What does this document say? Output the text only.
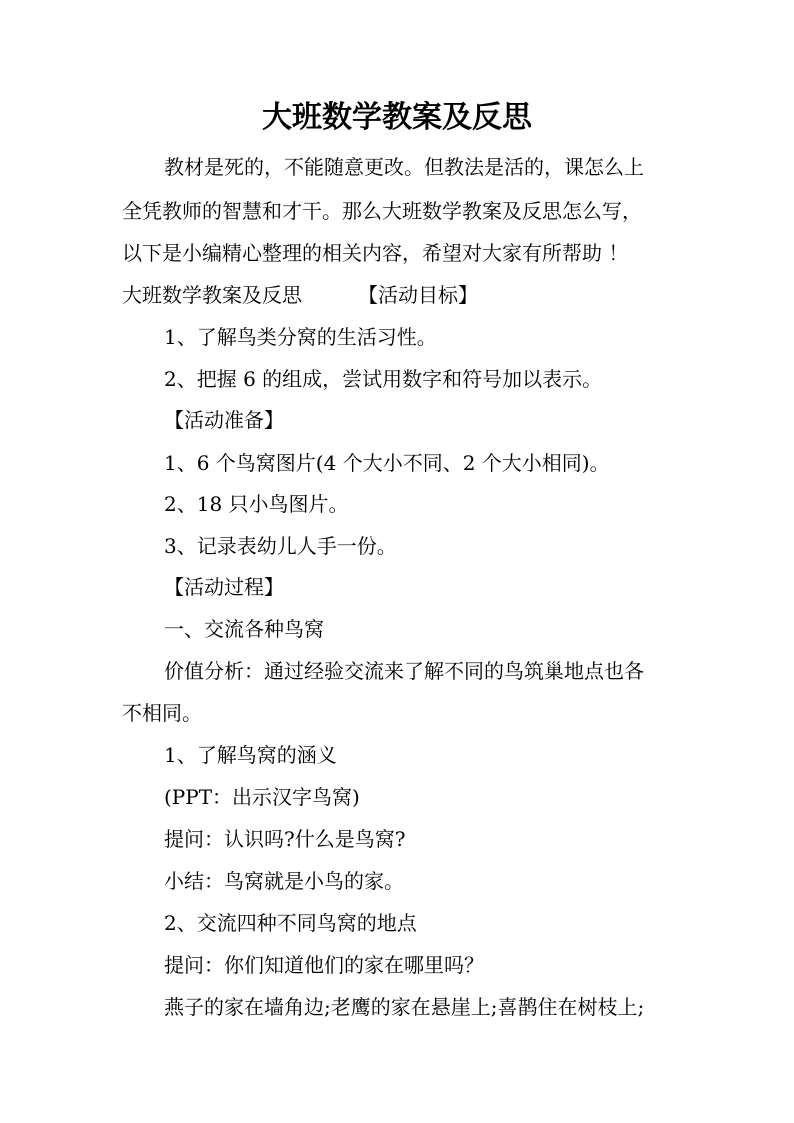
大班数学教案及反思
教材是死的，不能随意更改。但教法是活的，课怎么上
全凭教师的智慧和才干。那么大班数学教案及反思怎么写，
以下是小编精心整理的相关内容，希望对大家有所帮助 ！
大班数学教案及反思	【活动目标】
1、了解鸟类分窝的生活习性。
2、把握 6 的组成，尝试用数字和符号加以表示。
【活动准备】
1、6 个鸟窝图片(4 个大小不同、2 个大小相同)。
2、18 只小鸟图片。
3、记录表幼儿人手一份。
【活动过程】
一、交流各种鸟窝
价值分析：通过经验交流来了解不同的鸟筑巢地点也各
不相同。
1、了解鸟窝的涵义
(PPT：出示汉字鸟窝)
提问：认识吗?什么是鸟窝?
小结：鸟窝就是小鸟的家。
2、交流四种不同鸟窝的地点
提问：你们知道他们的家在哪里吗？
燕子的家在墙角边;老鹰的家在悬崖上;喜鹊住在树枝上;
